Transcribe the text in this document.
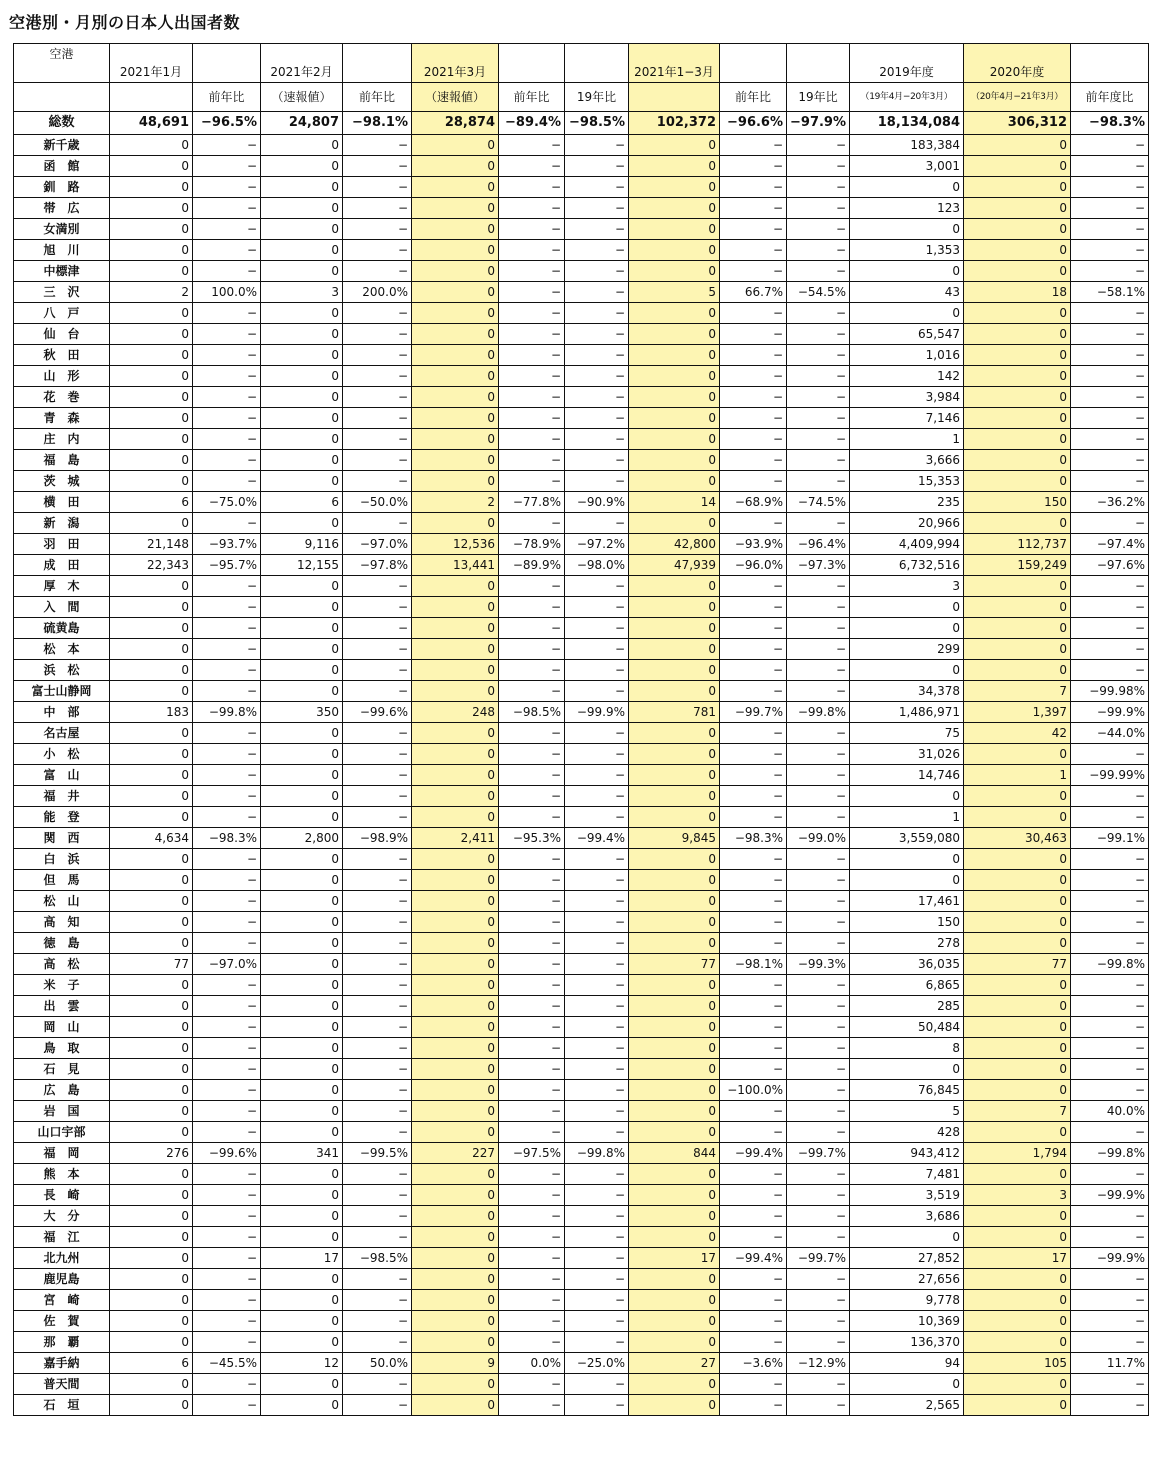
空港別・月別の日本人出国者数
空港	2021年1月		2021年2月		2021年3月			2021年1−3月			2019年度	2020年度	
		前年比	（速報値）	前年比	（速報値）	前年比	19年比		前年比	19年比	（19年4月−20年3月）	（20年4月−21年3月）	前年度比
総数	48,691	−96.5%	24,807	−98.1%	28,874	−89.4%	−98.5%	102,372	−96.6%	−97.9%	18,134,084	306,312	−98.3%
新千歳	0	−	0	−	0	−	−	0	−	−	183,384	0	−
函　館	0	−	0	−	0	−	−	0	−	−	3,001	0	−
釧　路	0	−	0	−	0	−	−	0	−	−	0	0	−
帯　広	0	−	0	−	0	−	−	0	−	−	123	0	−
女満別	0	−	0	−	0	−	−	0	−	−	0	0	−
旭　川	0	−	0	−	0	−	−	0	−	−	1,353	0	−
中標津	0	−	0	−	0	−	−	0	−	−	0	0	−
三　沢	2	100.0%	3	200.0%	0	−	−	5	66.7%	−54.5%	43	18	−58.1%
八　戸	0	−	0	−	0	−	−	0	−	−	0	0	−
仙　台	0	−	0	−	0	−	−	0	−	−	65,547	0	−
秋　田	0	−	0	−	0	−	−	0	−	−	1,016	0	−
山　形	0	−	0	−	0	−	−	0	−	−	142	0	−
花　巻	0	−	0	−	0	−	−	0	−	−	3,984	0	−
青　森	0	−	0	−	0	−	−	0	−	−	7,146	0	−
庄　内	0	−	0	−	0	−	−	0	−	−	1	0	−
福　島	0	−	0	−	0	−	−	0	−	−	3,666	0	−
茨　城	0	−	0	−	0	−	−	0	−	−	15,353	0	−
横　田	6	−75.0%	6	−50.0%	2	−77.8%	−90.9%	14	−68.9%	−74.5%	235	150	−36.2%
新　潟	0	−	0	−	0	−	−	0	−	−	20,966	0	−
羽　田	21,148	−93.7%	9,116	−97.0%	12,536	−78.9%	−97.2%	42,800	−93.9%	−96.4%	4,409,994	112,737	−97.4%
成　田	22,343	−95.7%	12,155	−97.8%	13,441	−89.9%	−98.0%	47,939	−96.0%	−97.3%	6,732,516	159,249	−97.6%
厚　木	0	−	0	−	0	−	−	0	−	−	3	0	−
入　間	0	−	0	−	0	−	−	0	−	−	0	0	−
硫黄島	0	−	0	−	0	−	−	0	−	−	0	0	−
松　本	0	−	0	−	0	−	−	0	−	−	299	0	−
浜　松	0	−	0	−	0	−	−	0	−	−	0	0	−
富士山静岡	0	−	0	−	0	−	−	0	−	−	34,378	7	−99.98%
中　部	183	−99.8%	350	−99.6%	248	−98.5%	−99.9%	781	−99.7%	−99.8%	1,486,971	1,397	−99.9%
名古屋	0	−	0	−	0	−	−	0	−	−	75	42	−44.0%
小　松	0	−	0	−	0	−	−	0	−	−	31,026	0	−
富　山	0	−	0	−	0	−	−	0	−	−	14,746	1	−99.99%
福　井	0	−	0	−	0	−	−	0	−	−	0	0	−
能　登	0	−	0	−	0	−	−	0	−	−	1	0	−
関　西	4,634	−98.3%	2,800	−98.9%	2,411	−95.3%	−99.4%	9,845	−98.3%	−99.0%	3,559,080	30,463	−99.1%
白　浜	0	−	0	−	0	−	−	0	−	−	0	0	−
但　馬	0	−	0	−	0	−	−	0	−	−	0	0	−
松　山	0	−	0	−	0	−	−	0	−	−	17,461	0	−
高　知	0	−	0	−	0	−	−	0	−	−	150	0	−
徳　島	0	−	0	−	0	−	−	0	−	−	278	0	−
高　松	77	−97.0%	0	−	0	−	−	77	−98.1%	−99.3%	36,035	77	−99.8%
米　子	0	−	0	−	0	−	−	0	−	−	6,865	0	−
出　雲	0	−	0	−	0	−	−	0	−	−	285	0	−
岡　山	0	−	0	−	0	−	−	0	−	−	50,484	0	−
鳥　取	0	−	0	−	0	−	−	0	−	−	8	0	−
石　見	0	−	0	−	0	−	−	0	−	−	0	0	−
広　島	0	−	0	−	0	−	−	0	−100.0%	−	76,845	0	−
岩　国	0	−	0	−	0	−	−	0	−	−	5	7	40.0%
山口宇部	0	−	0	−	0	−	−	0	−	−	428	0	−
福　岡	276	−99.6%	341	−99.5%	227	−97.5%	−99.8%	844	−99.4%	−99.7%	943,412	1,794	−99.8%
熊　本	0	−	0	−	0	−	−	0	−	−	7,481	0	−
長　崎	0	−	0	−	0	−	−	0	−	−	3,519	3	−99.9%
大　分	0	−	0	−	0	−	−	0	−	−	3,686	0	−
福　江	0	−	0	−	0	−	−	0	−	−	0	0	−
北九州	0	−	17	−98.5%	0	−	−	17	−99.4%	−99.7%	27,852	17	−99.9%
鹿児島	0	−	0	−	0	−	−	0	−	−	27,656	0	−
宮　崎	0	−	0	−	0	−	−	0	−	−	9,778	0	−
佐　賀	0	−	0	−	0	−	−	0	−	−	10,369	0	−
那　覇	0	−	0	−	0	−	−	0	−	−	136,370	0	−
嘉手納	6	−45.5%	12	50.0%	9	0.0%	−25.0%	27	−3.6%	−12.9%	94	105	11.7%
普天間	0	−	0	−	0	−	−	0	−	−	0	0	−
石　垣	0	−	0	−	0	−	−	0	−	−	2,565	0	−
